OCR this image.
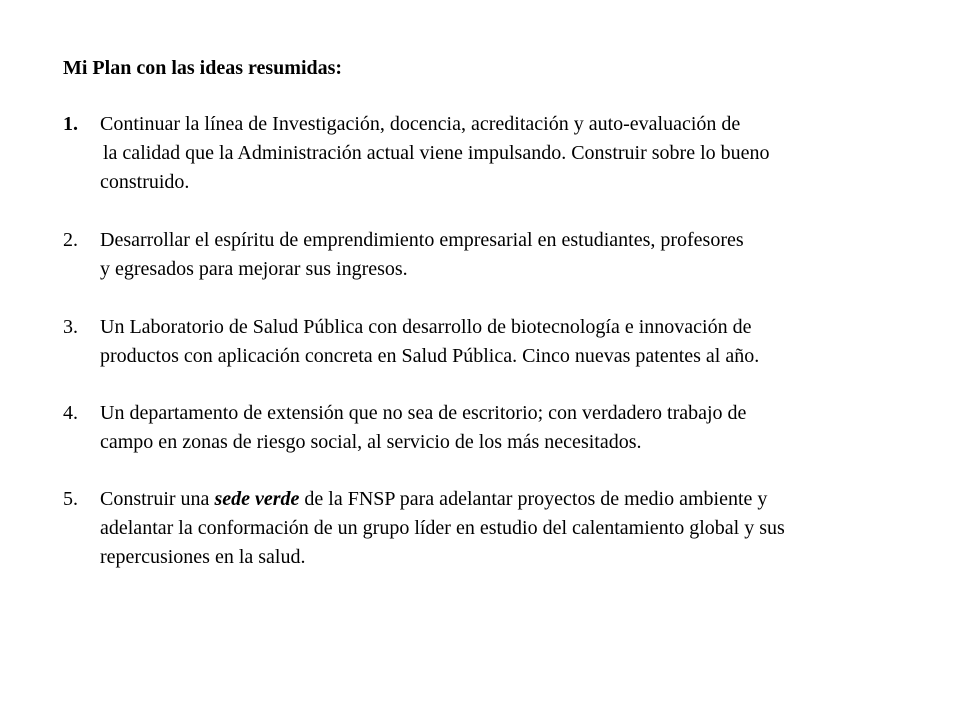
Mi Plan con las ideas resumidas:
1. Continuar la línea de Investigación, docencia, acreditación y auto-evaluación de
la calidad que la Administración actual viene impulsando. Construir sobre lo bueno
construido.
2. Desarrollar el espíritu de emprendimiento empresarial en estudiantes, profesores
y egresados para mejorar sus ingresos.
3. Un Laboratorio de Salud Pública con desarrollo de biotecnología e innovación de
productos con aplicación concreta en Salud Pública. Cinco nuevas patentes al año.
4. Un departamento de extensión que no sea de escritorio; con verdadero trabajo de
campo en zonas de riesgo social, al servicio de los más necesitados.
5. Construir una sede verde de la FNSP para adelantar proyectos de medio ambiente y
adelantar la conformación de un grupo líder en estudio del calentamiento global y sus
repercusiones en la salud.
